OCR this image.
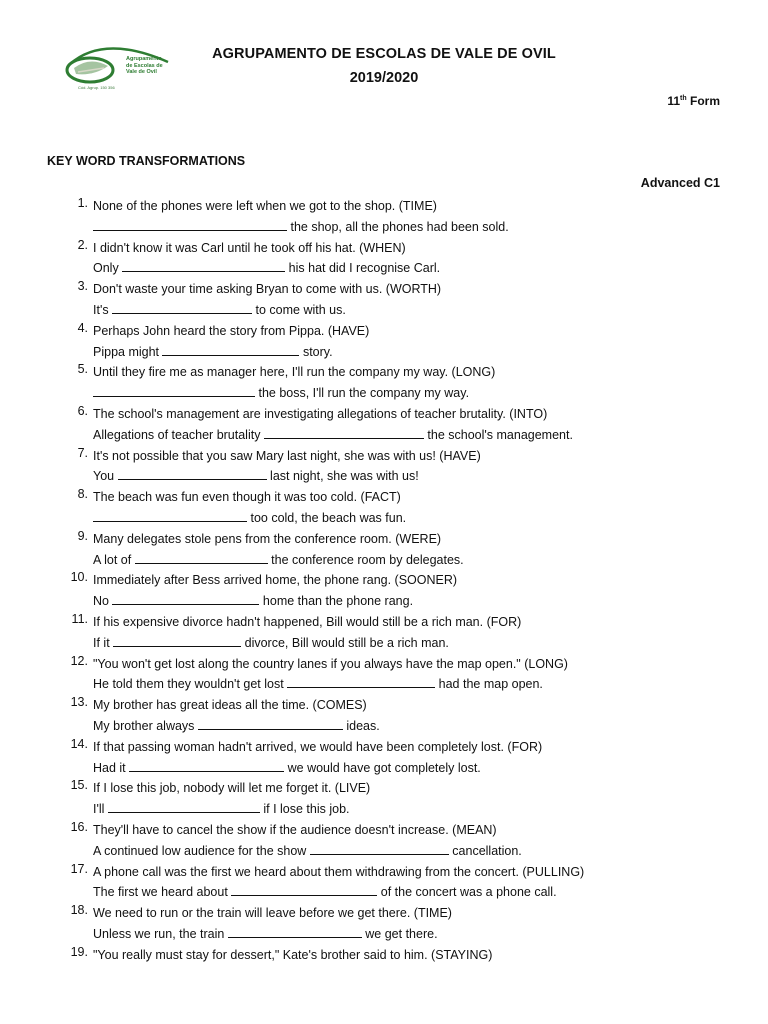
Agrupamento
de Escolas de
Vale de Ovil
Cód. Agrup. 150 356
AGRUPAMENTO DE ESCOLAS DE VALE DE OVIL
2019/2020
11th Form
KEY WORD TRANSFORMATIONS
Advanced C1
1. None of the phones were left when we got to the shop. (TIME)
the shop, all the phones had been sold.
2. I didn't know it was Carl until he took off his hat. (WHEN)
Only	his hat did I recognise Carl.
3. Don't waste your time asking Bryan to come with us. (WORTH)
It's	to come with us.
4. Perhaps John heard the story from Pippa. (HAVE)
Pippa might	story.
5. Until they fire me as manager here, I'll run the company my way. (LONG)
the boss, I'll run the company my way.
6. The school's management are investigating allegations of teacher brutality. (INTO)
Allegations of teacher brutality	the school's management.
7. It's not possible that you saw Mary last night, she was with us! (HAVE)
You	last night, she was with us!
8. The beach was fun even though it was too cold. (FACT)
too cold, the beach was fun.
9. Many delegates stole pens from the conference room. (WERE)
A lot of	the conference room by delegates.
10. Immediately after Bess arrived home, the phone rang. (SOONER)
No	home than the phone rang.
11. If his expensive divorce hadn't happened, Bill would still be a rich man. (FOR)
If it	divorce, Bill would still be a rich man.
12. "You won't get lost along the country lanes if you always have the map open." (LONG)
He told them they wouldn't get lost	had the map open.
13. My brother has great ideas all the time. (COMES)
My brother always	ideas.
14. If that passing woman hadn't arrived, we would have been completely lost. (FOR)
Had it	we would have got completely lost.
15. If I lose this job, nobody will let me forget it. (LIVE)
I'll	if I lose this job.
16. They'll have to cancel the show if the audience doesn't increase. (MEAN)
A continued low audience for the show	cancellation.
17. A phone call was the first we heard about them withdrawing from the concert. (PULLING)
The first we heard about	of the concert was a phone call.
18. We need to run or the train will leave before we get there. (TIME)
Unless we run, the train	we get there.
19. "You really must stay for dessert," Kate's brother said to him. (STAYING)
